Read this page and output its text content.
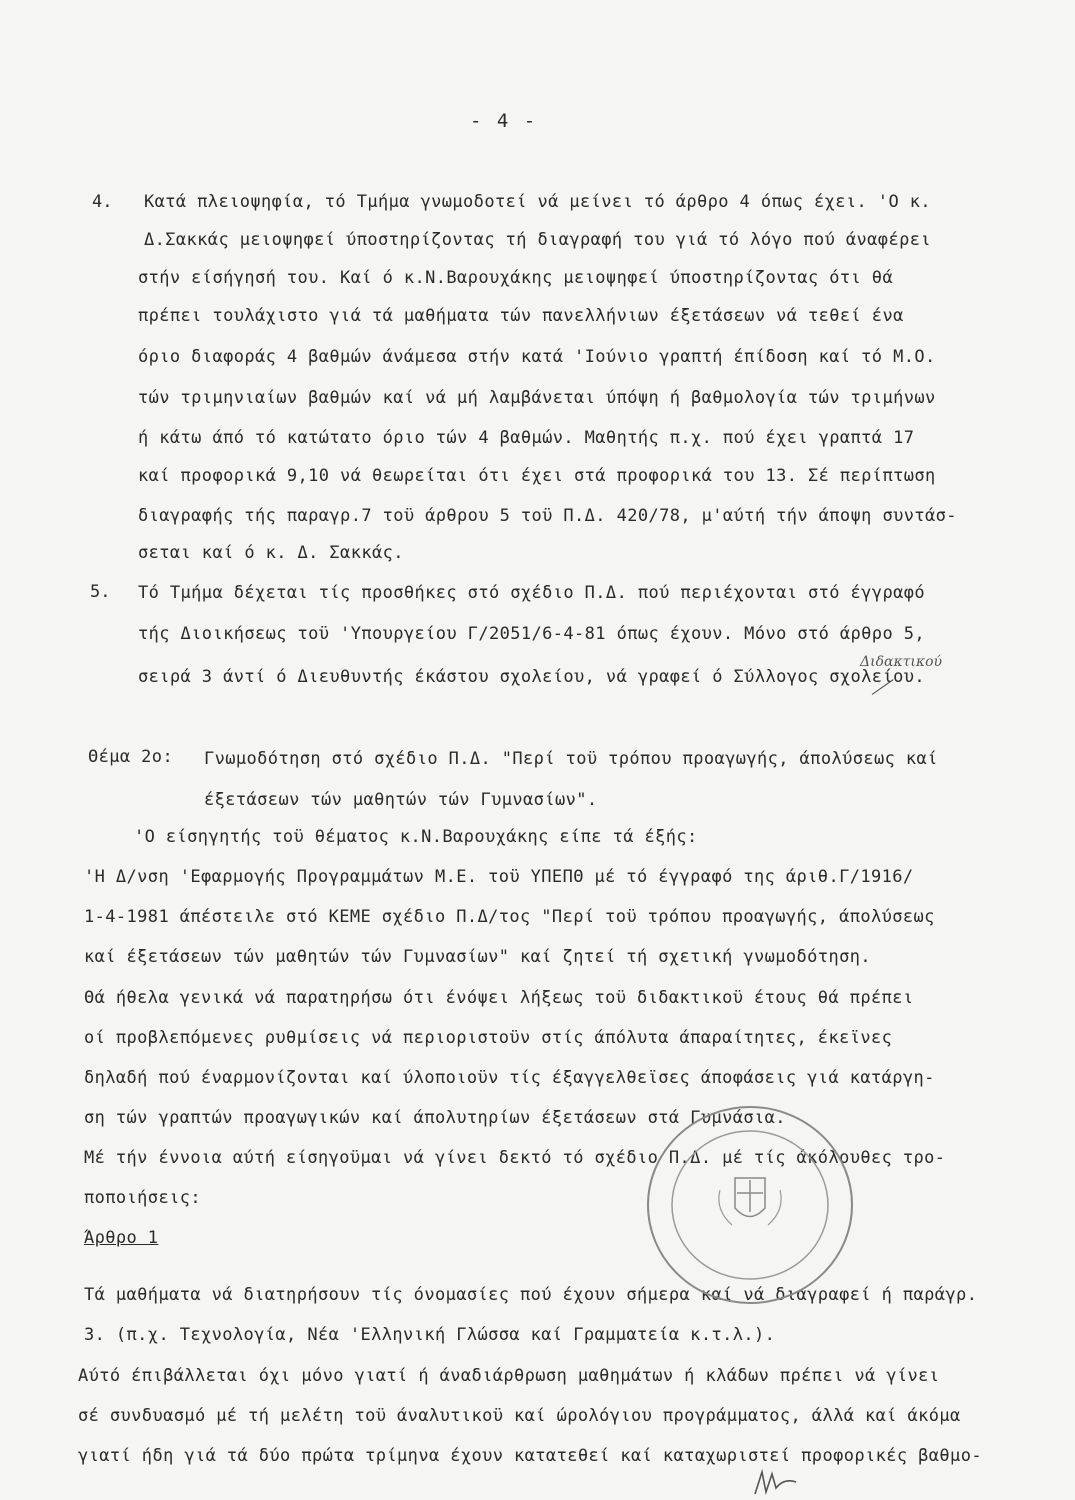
- 4 -
4. Κατά πλειοψηφία, τό Τμήμα γνωμοδοτεί νά μείνει τό άρθρο 4 όπως έχει. 'Ο κ.
Δ.Σακκάς μειοψηφεί ύποστηρίζοντας τή διαγραφή του γιά τό λόγο πού άναφέρει
στήν είσήγησή του. Καί ό κ.Ν.Βαρουχάκης μειοψηφεί ύποστηρίζοντας ότι θά
πρέπει τουλάχιστο γιά τά μαθήματα τών πανελλήνιων έξετάσεων νά τεθεί ένα
όριο διαφοράς 4 βαθμών άνάμεσα στήν κατά 'Ιούνιο γραπτή έπίδοση καί τό Μ.Ο.
τών τριμηνιαίων βαθμών καί νά μή λαμβάνεται ύπόψη ή βαθμολογία τών τριμήνων
ή κάτω άπό τό κατώτατο όριο τών 4 βαθμών. Μαθητής π.χ. πού έχει γραπτά 17
καί προφορικά 9,10 νά θεωρείται ότι έχει στά προφορικά του 13. Σέ περίπτωση
διαγραφής τής παραγρ.7 τοϋ άρθρου 5 τοϋ Π.Δ. 420/78, μ'αύτή τήν άποψη συντάσ-
σεται καί ό κ. Δ. Σακκάς.
5. Τό Τμήμα δέχεται τίς προσθήκες στό σχέδιο Π.Δ. πού περιέχονται στό έγγραφό
τής Διοικήσεως τοϋ 'Υπουργείου Γ/2051/6-4-81 όπως έχουν. Μόνο στό άρθρο 5,
Διδακτικού
σειρά 3 άντί ό Διευθυντής έκάστου σχολείου, νά γραφεί ό Σύλλογος σχολείου.
Θέμα 2ο: Γνωμοδότηση στό σχέδιο Π.Δ. "Περί τοϋ τρόπου προαγωγής, άπολύσεως καί
έξετάσεων τών μαθητών τών Γυμνασίων".
'Ο είσηγητής τοϋ θέματος κ.Ν.Βαρουχάκης είπε τά έξής:
'Η Δ/νση 'Εφαρμογής Προγραμμάτων Μ.Ε. τοϋ ΥΠΕΠΘ μέ τό έγγραφό της άριθ.Γ/1916/
1-4-1981 άπέστειλε στό ΚΕΜΕ σχέδιο Π.Δ/τος "Περί τοϋ τρόπου προαγωγής, άπολύσεως
καί έξετάσεων τών μαθητών τών Γυμνασίων" καί ζητεί τή σχετική γνωμοδότηση.
Θά ήθελα γενικά νά παρατηρήσω ότι ένόψει λήξεως τοϋ διδακτικοϋ έτους θά πρέπει
οί προβλεπόμενες ρυθμίσεις νά περιοριστοϋν στίς άπόλυτα άπαραίτητες, έκεϊνες
δηλαδή πού έναρμονίζονται καί ύλοποιοϋν τίς έξαγγελθεϊσες άποφάσεις γιά κατάργη-
ση τών γραπτών προαγωγικών καί άπολυτηρίων έξετάσεων στά Γυμνάσια.
Μέ τήν έννοια αύτή είσηγοϋμαι νά γίνει δεκτό τό σχέδιο Π.Δ. μέ τίς άκόλουθες τρο-
ποποιήσεις:
Άρθρο 1
Τά μαθήματα νά διατηρήσουν τίς όνομασίες πού έχουν σήμερα καί νά διαγραφεί ή παράγρ.
3. (π.χ. Τεχνολογία, Νέα 'Ελληνική Γλώσσα καί Γραμματεία κ.τ.λ.).
Αύτό έπιβάλλεται όχι μόνο γιατί ή άναδιάρθρωση μαθημάτων ή κλάδων πρέπει νά γίνει
σέ συνδυασμό μέ τή μελέτη τοϋ άναλυτικοϋ καί ώρολόγιου προγράμματος, άλλά καί άκόμα
γιατί ήδη γιά τά δύο πρώτα τρίμηνα έχουν κατατεθεί καί καταχωριστεί προφορικές βαθμο-
